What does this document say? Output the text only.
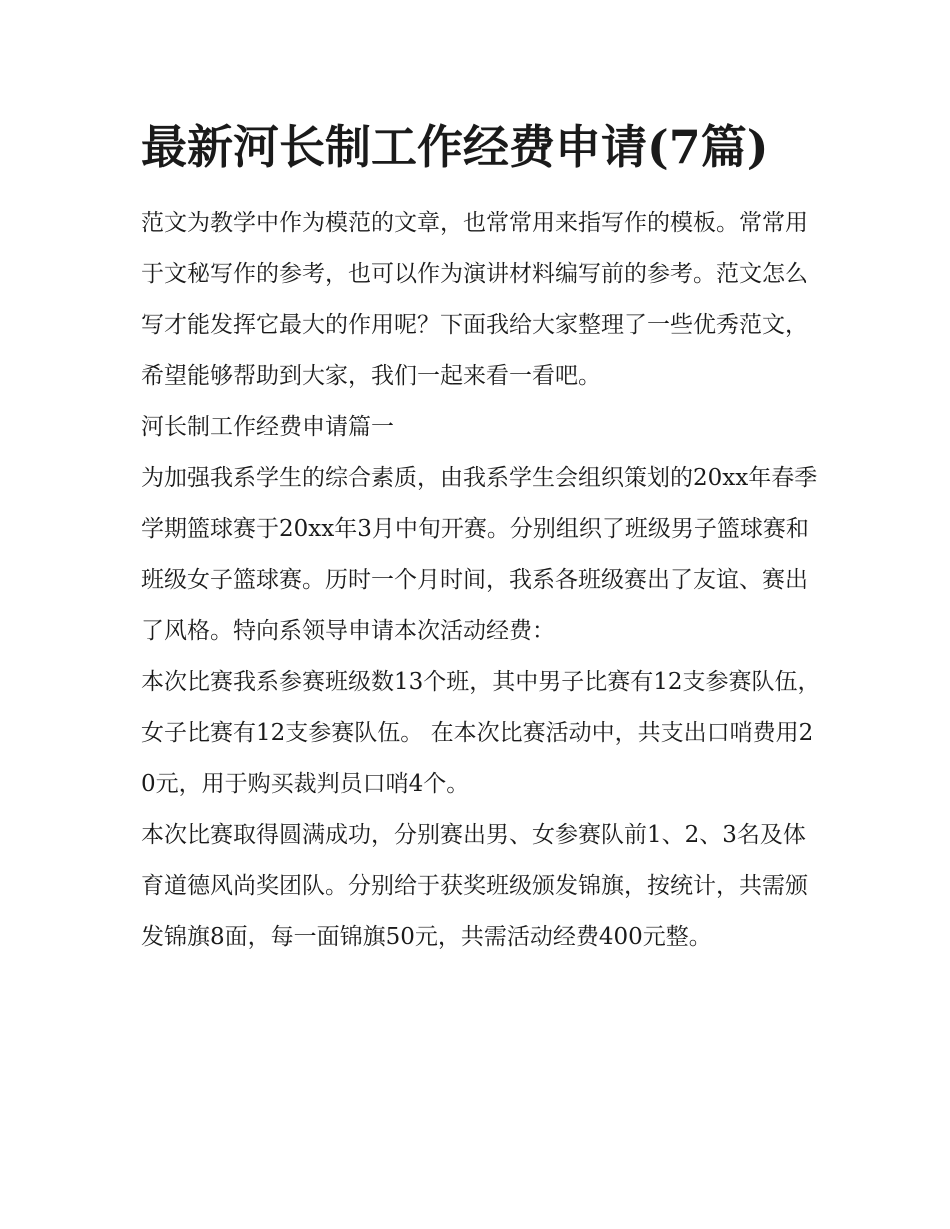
最新河长制工作经费申请(7篇)

范文为教学中作为模范的文章，也常常用来指写作的模板。常常用于文秘写作的参考，也可以作为演讲材料编写前的参考。范文怎么写才能发挥它最大的作用呢？下面我给大家整理了一些优秀范文，希望能够帮助到大家，我们一起来看一看吧。

河长制工作经费申请篇一

为加强我系学生的综合素质，由我系学生会组织策划的20xx年春季学期篮球赛于20xx年3月中旬开赛。分别组织了班级男子篮球赛和班级女子篮球赛。历时一个月时间，我系各班级赛出了友谊、赛出了风格。特向系领导申请本次活动经费：

本次比赛我系参赛班级数13个班，其中男子比赛有12支参赛队伍，女子比赛有12支参赛队伍。 在本次比赛活动中，共支出口哨费用20元，用于购买裁判员口哨4个。

本次比赛取得圆满成功，分别赛出男、女参赛队前1、2、3名及体育道德风尚奖团队。分别给于获奖班级颁发锦旗，按统计，共需颁发锦旗8面，每一面锦旗50元，共需活动经费400元整。
